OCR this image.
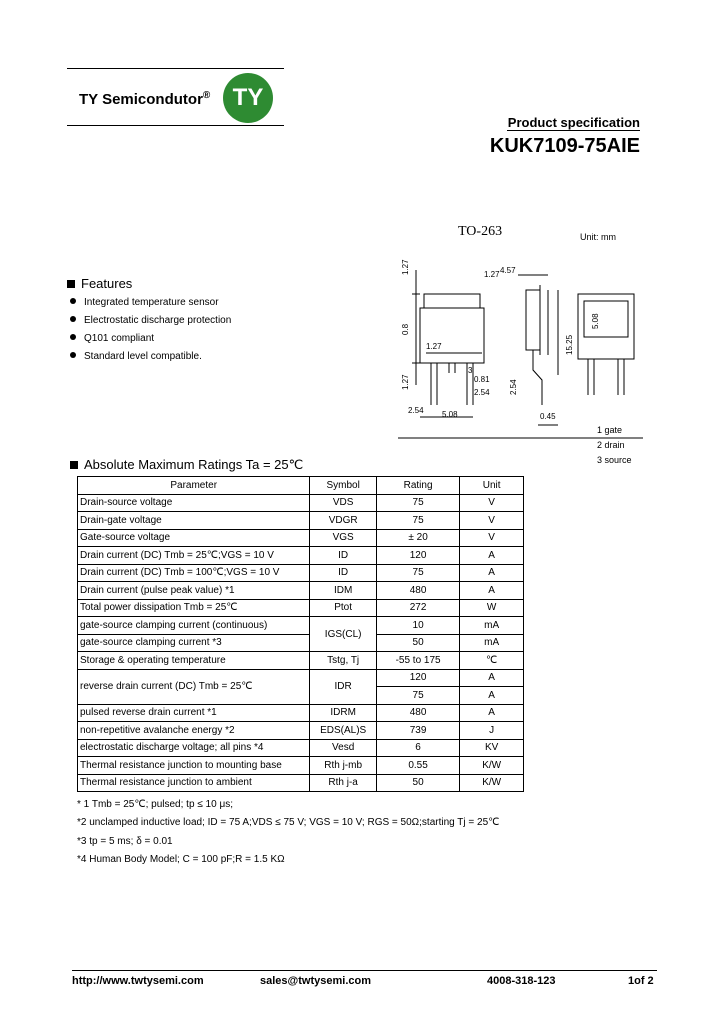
TY Semicondutor® TY
Product specification
KUK7109-75AIE
TO-263	Unit: mm
1.27	4.57
1.27
0.8
1.27	15.25
5.08
3
0.81
2.54
2.54 5.08	0.45
2.54
1.27
1 gate
2 drain
3 source
Features
Integrated temperature sensor
Electrostatic discharge protection
Q101 compliant
Standard level compatible.
Absolute Maximum Ratings Ta = 25℃
Parameter	Symbol	Rating	Unit
Drain-source voltage	VDS	75	V
Drain-gate voltage	VDGR	75	V
Gate-source voltage	VGS	± 20	V
Drain current (DC) Tmb = 25℃;VGS = 10 V	ID	120	A
Drain current (DC) Tmb = 100℃;VGS = 10 V	ID	75	A
Drain current (pulse peak value) *1	IDM	480	A
Total power dissipation Tmb = 25℃	Ptot	272	W
gate-source clamping current (continuous)	IGS(CL)	10	mA
gate-source clamping current *3		50	mA
Storage & operating temperature	Tstg, Tj	-55 to 175	℃
reverse drain current (DC) Tmb = 25℃	IDR	120	A
		75	A
pulsed reverse drain current *1	IDRM	480	A
non-repetitive avalanche energy *2	EDS(AL)S	739	J
electrostatic discharge voltage; all pins *4	Vesd	6	KV
Thermal resistance junction to mounting base	Rth j-mb	0.55	K/W
Thermal resistance junction to ambient	Rth j-a	50	K/W
* 1 Tmb = 25℃; pulsed; tp ≤ 10 μs;
*2 unclamped inductive load; ID = 75 A;VDS ≤ 75 V; VGS = 10 V; RGS = 50Ω;starting Tj = 25℃
*3 tp = 5 ms; δ = 0.01
*4 Human Body Model; C = 100 pF;R = 1.5 KΩ
http://www.twtysemi.com	sales@twtysemi.com	4008-318-123	1of 2
